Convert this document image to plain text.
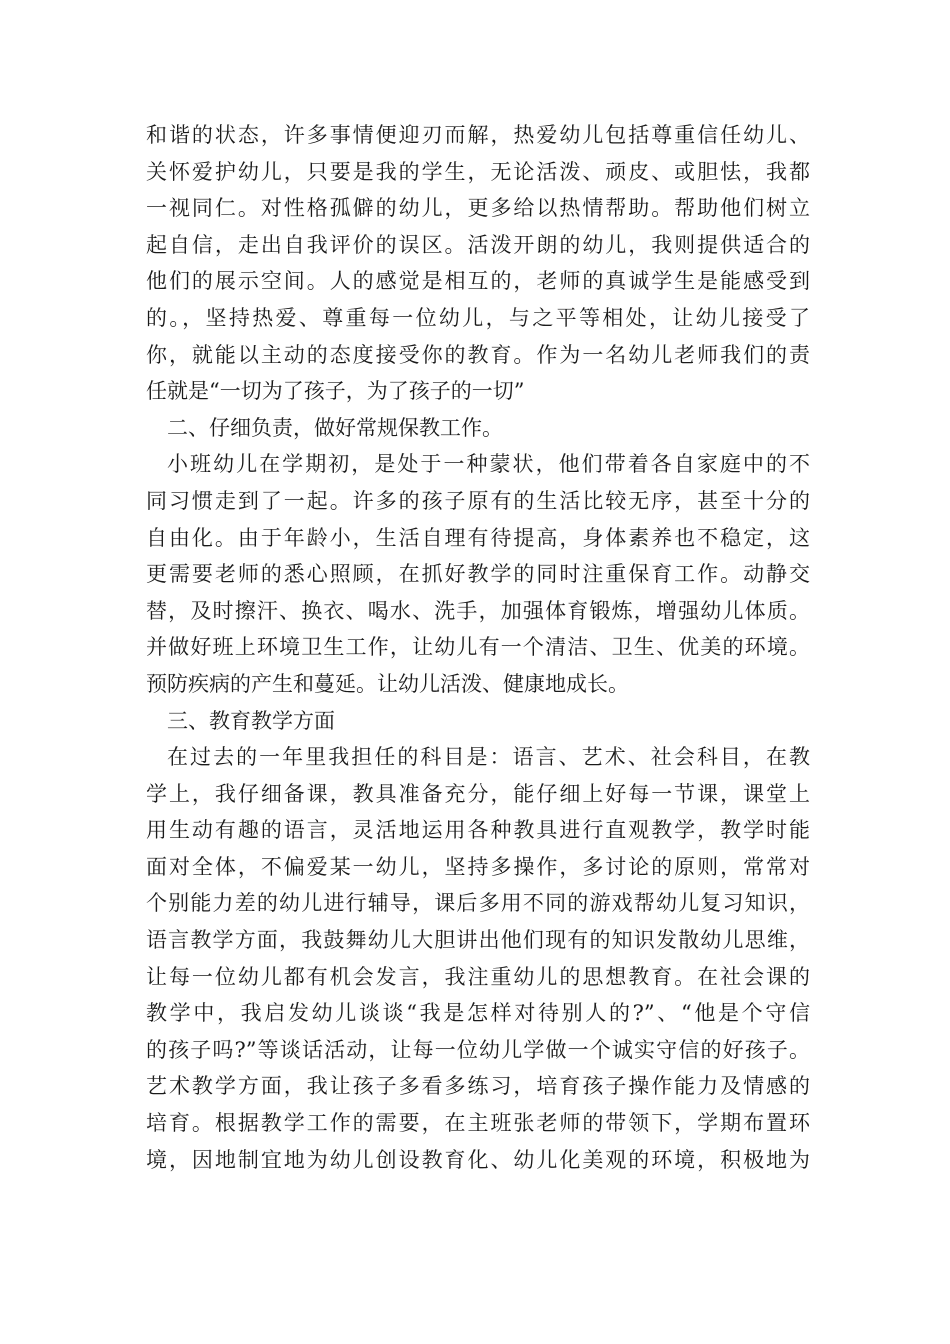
和谐的状态，许多事情便迎刃而解，热爱幼儿包括尊重信任幼儿、
关怀爱护幼儿，只要是我的学生，无论活泼、顽皮、或胆怯，我都
一视同仁。对性格孤僻的幼儿，更多给以热情帮助。帮助他们树立
起自信，走出自我评价的误区。活泼开朗的幼儿，我则提供适合的
他们的展示空间。人的感觉是相互的，老师的真诚学生是能感受到
的。，坚持热爱、尊重每一位幼儿，与之平等相处，让幼儿接受了
你，就能以主动的态度接受你的教育。作为一名幼儿老师我们的责
任就是“一切为了孩子，为了孩子的一切”
二、仔细负责，做好常规保教工作。
小班幼儿在学期初，是处于一种蒙状，他们带着各自家庭中的不
同习惯走到了一起。许多的孩子原有的生活比较无序，甚至十分的
自由化。由于年龄小，生活自理有待提高，身体素养也不稳定，这
更需要老师的悉心照顾，在抓好教学的同时注重保育工作。动静交
替，及时擦汗、换衣、喝水、洗手，加强体育锻炼，增强幼儿体质。
并做好班上环境卫生工作，让幼儿有一个清洁、卫生、优美的环境。
预防疾病的产生和蔓延。让幼儿活泼、健康地成长。
三、教育教学方面
在过去的一年里我担任的科目是：语言、艺术、社会科目，在教
学上，我仔细备课，教具准备充分，能仔细上好每一节课，课堂上
用生动有趣的语言，灵活地运用各种教具进行直观教学，教学时能
面对全体，不偏爱某一幼儿，坚持多操作，多讨论的原则，常常对
个别能力差的幼儿进行辅导，课后多用不同的游戏帮幼儿复习知识，
语言教学方面，我鼓舞幼儿大胆讲出他们现有的知识发散幼儿思维，
让每一位幼儿都有机会发言，我注重幼儿的思想教育。在社会课的
教学中，我启发幼儿谈谈“我是怎样对待别人的?”、“他是个守信
的孩子吗?”等谈话活动，让每一位幼儿学做一个诚实守信的好孩子。
艺术教学方面，我让孩子多看多练习，培育孩子操作能力及情感的
培育。根据教学工作的需要，在主班张老师的带领下，学期布置环
境，因地制宜地为幼儿创设教育化、幼儿化美观的环境，积极地为
